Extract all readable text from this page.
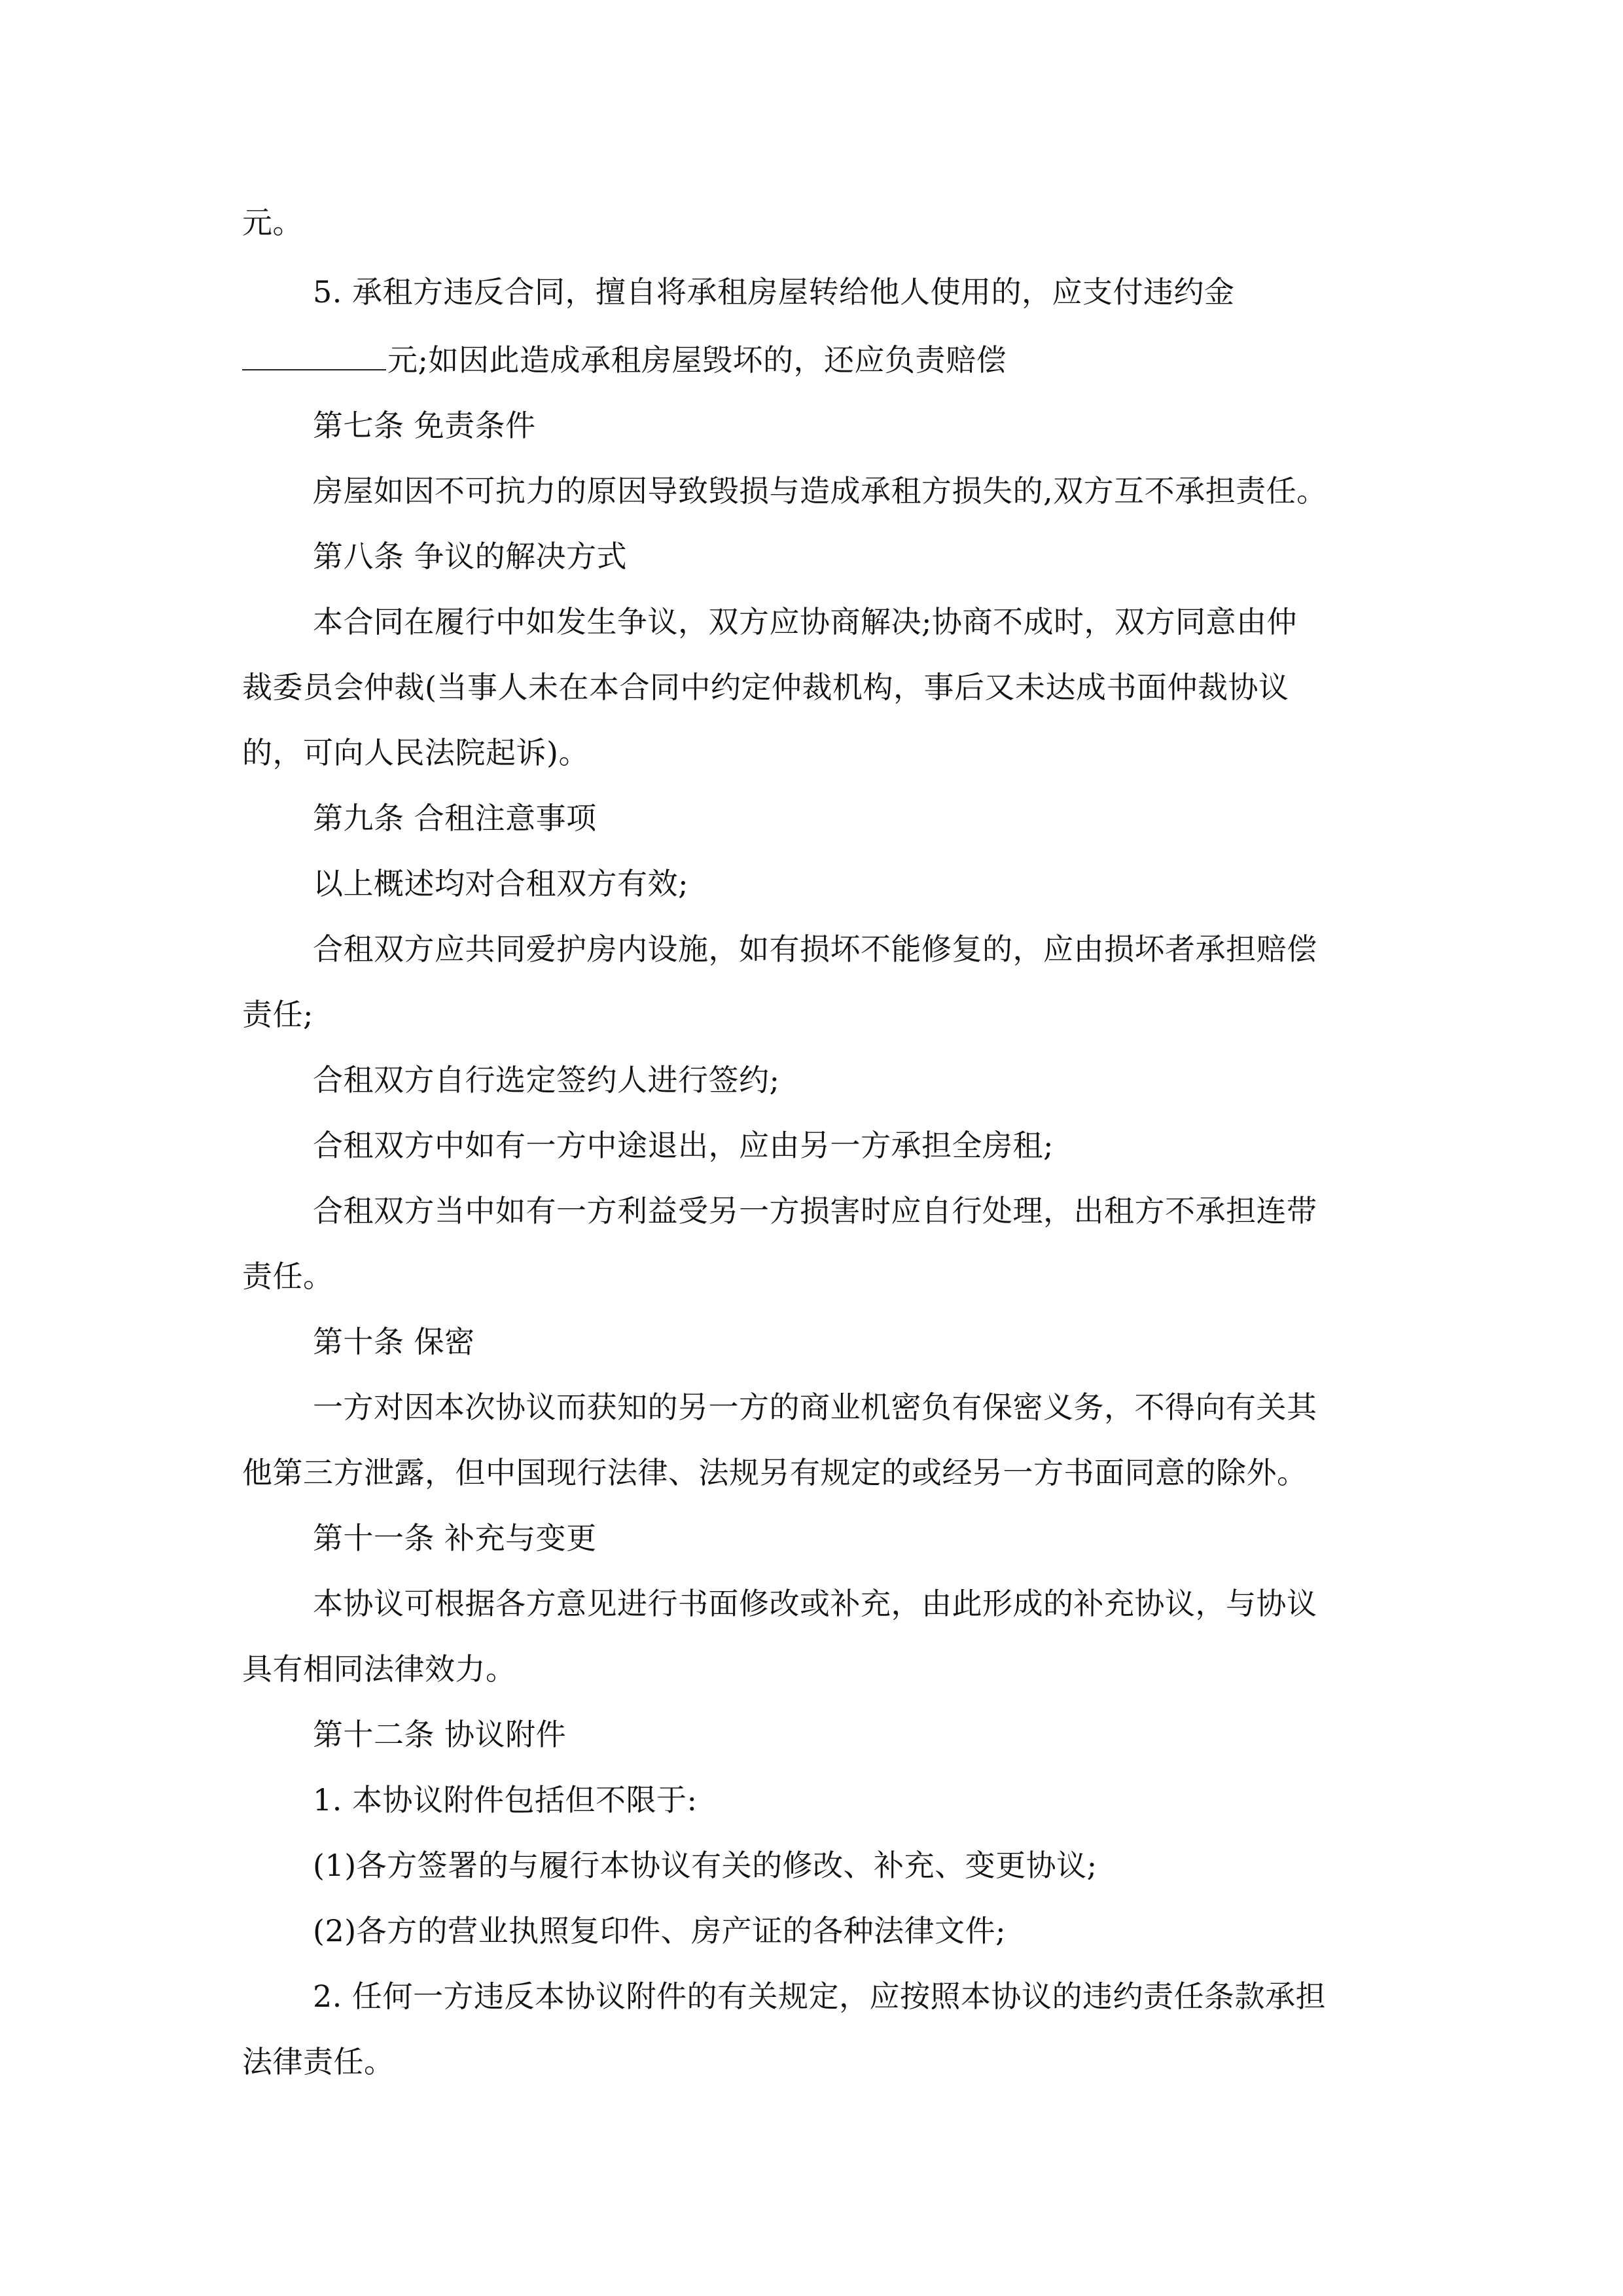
元。
5. 承租方违反合同，擅自将承租房屋转给他人使用的，应支付违约金
元;如因此造成承租房屋毁坏的，还应负责赔偿
第七条 免责条件
房屋如因不可抗力的原因导致毁损与造成承租方损失的,双方互不承担责任。
第八条 争议的解决方式
本合同在履行中如发生争议，双方应协商解决;协商不成时，双方同意由仲
裁委员会仲裁(当事人未在本合同中约定仲裁机构，事后又未达成书面仲裁协议
的，可向人民法院起诉)。
第九条 合租注意事项
以上概述均对合租双方有效;
合租双方应共同爱护房内设施，如有损坏不能修复的，应由损坏者承担赔偿
责任;
合租双方自行选定签约人进行签约;
合租双方中如有一方中途退出，应由另一方承担全房租;
合租双方当中如有一方利益受另一方损害时应自行处理，出租方不承担连带
责任。
第十条 保密
一方对因本次协议而获知的另一方的商业机密负有保密义务，不得向有关其
他第三方泄露，但中国现行法律、法规另有规定的或经另一方书面同意的除外。
第十一条 补充与变更
本协议可根据各方意见进行书面修改或补充，由此形成的补充协议，与协议
具有相同法律效力。
第十二条 协议附件
1. 本协议附件包括但不限于:
(1)各方签署的与履行本协议有关的修改、补充、变更协议;
(2)各方的营业执照复印件、房产证的各种法律文件;
2. 任何一方违反本协议附件的有关规定，应按照本协议的违约责任条款承担
法律责任。
